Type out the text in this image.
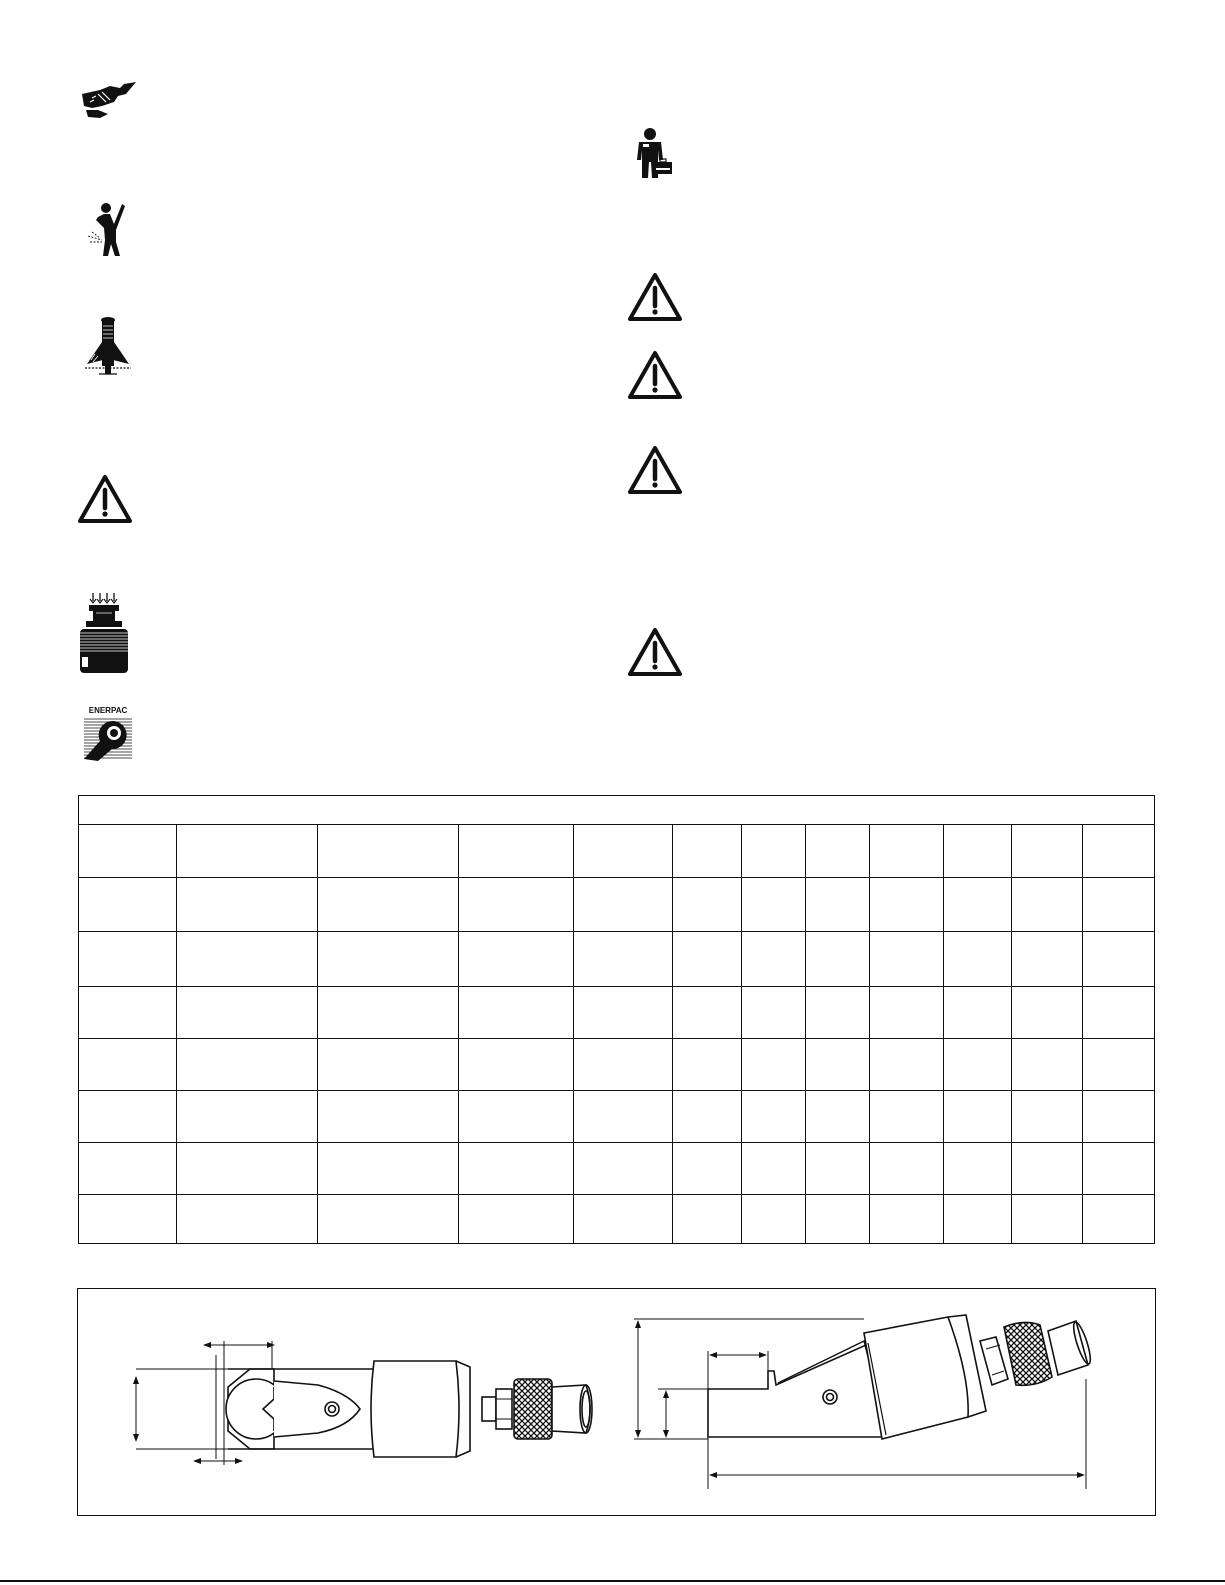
ENERPAC
